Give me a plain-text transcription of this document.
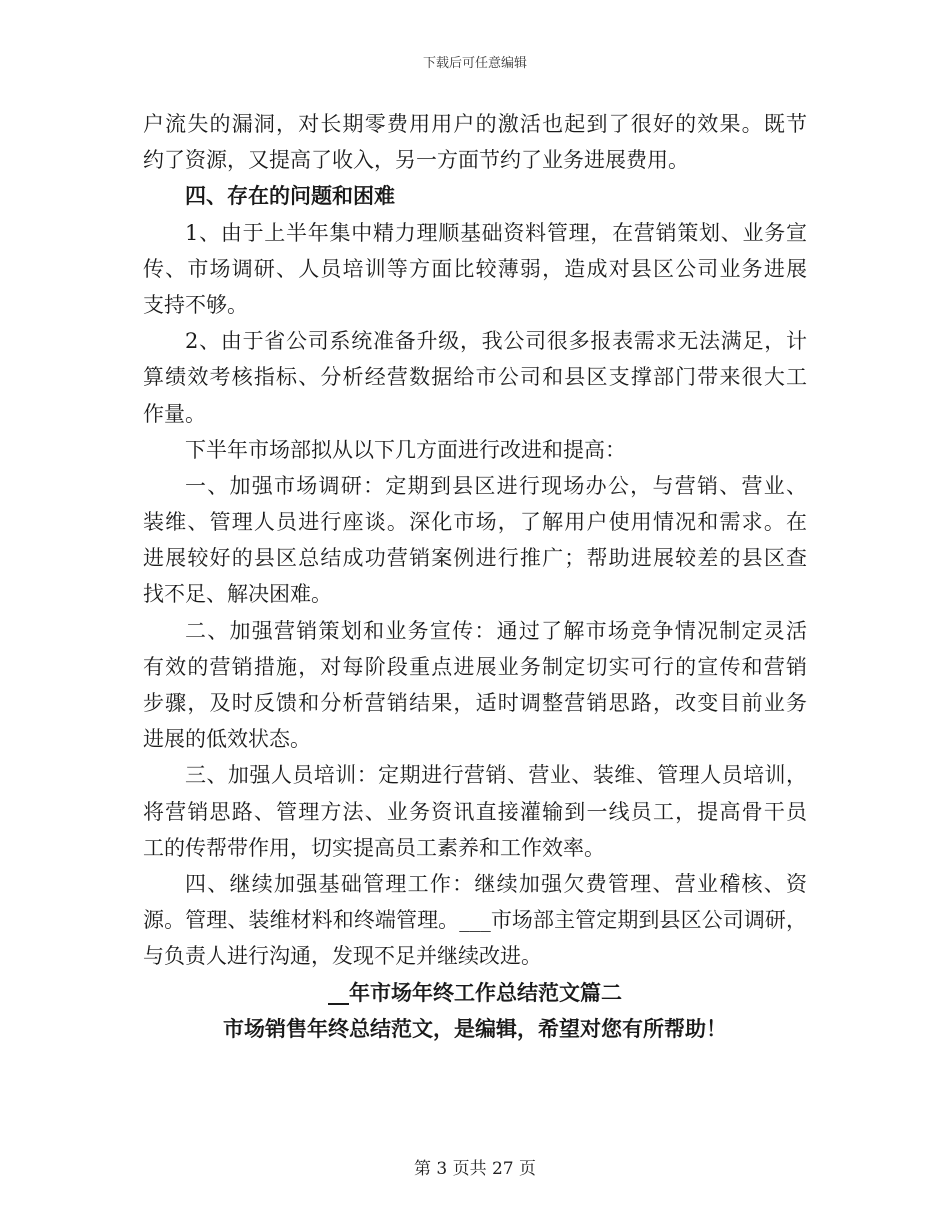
下载后可任意编辑
户流失的漏洞，对长期零费用用户的激活也起到了很好的效果。既节
约了资源，又提高了收入，另一方面节约了业务进展费用。
四、存在的问题和困难
1、由于上半年集中精力理顺基础资料管理，在营销策划、业务宣
传、市场调研、人员培训等方面比较薄弱，造成对县区公司业务进展
支持不够。
2、由于省公司系统准备升级，我公司很多报表需求无法满足，计
算绩效考核指标、分析经营数据给市公司和县区支撑部门带来很大工
作量。
下半年市场部拟从以下几方面进行改进和提高：
一、加强市场调研：定期到县区进行现场办公，与营销、营业、
装维、管理人员进行座谈。深化市场，了解用户使用情况和需求。在
进展较好的县区总结成功营销案例进行推广；帮助进展较差的县区查
找不足、解决困难。
二、加强营销策划和业务宣传：通过了解市场竞争情况制定灵活
有效的营销措施，对每阶段重点进展业务制定切实可行的宣传和营销
步骤，及时反馈和分析营销结果，适时调整营销思路，改变目前业务
进展的低效状态。
三、加强人员培训：定期进行营销、营业、装维、管理人员培训，
将营销思路、管理方法、业务资讯直接灌输到一线员工，提高骨干员
工的传帮带作用，切实提高员工素养和工作效率。
四、继续加强基础管理工作：继续加强欠费管理、营业稽核、资
源。管理、装维材料和终端管理。___市场部主管定期到县区公司调研，
与负责人进行沟通，发现不足并继续改进。
__年市场年终工作总结范文篇二
市场销售年终总结范文，是编辑，希望对您有所帮助！
第 3 页共 27 页
